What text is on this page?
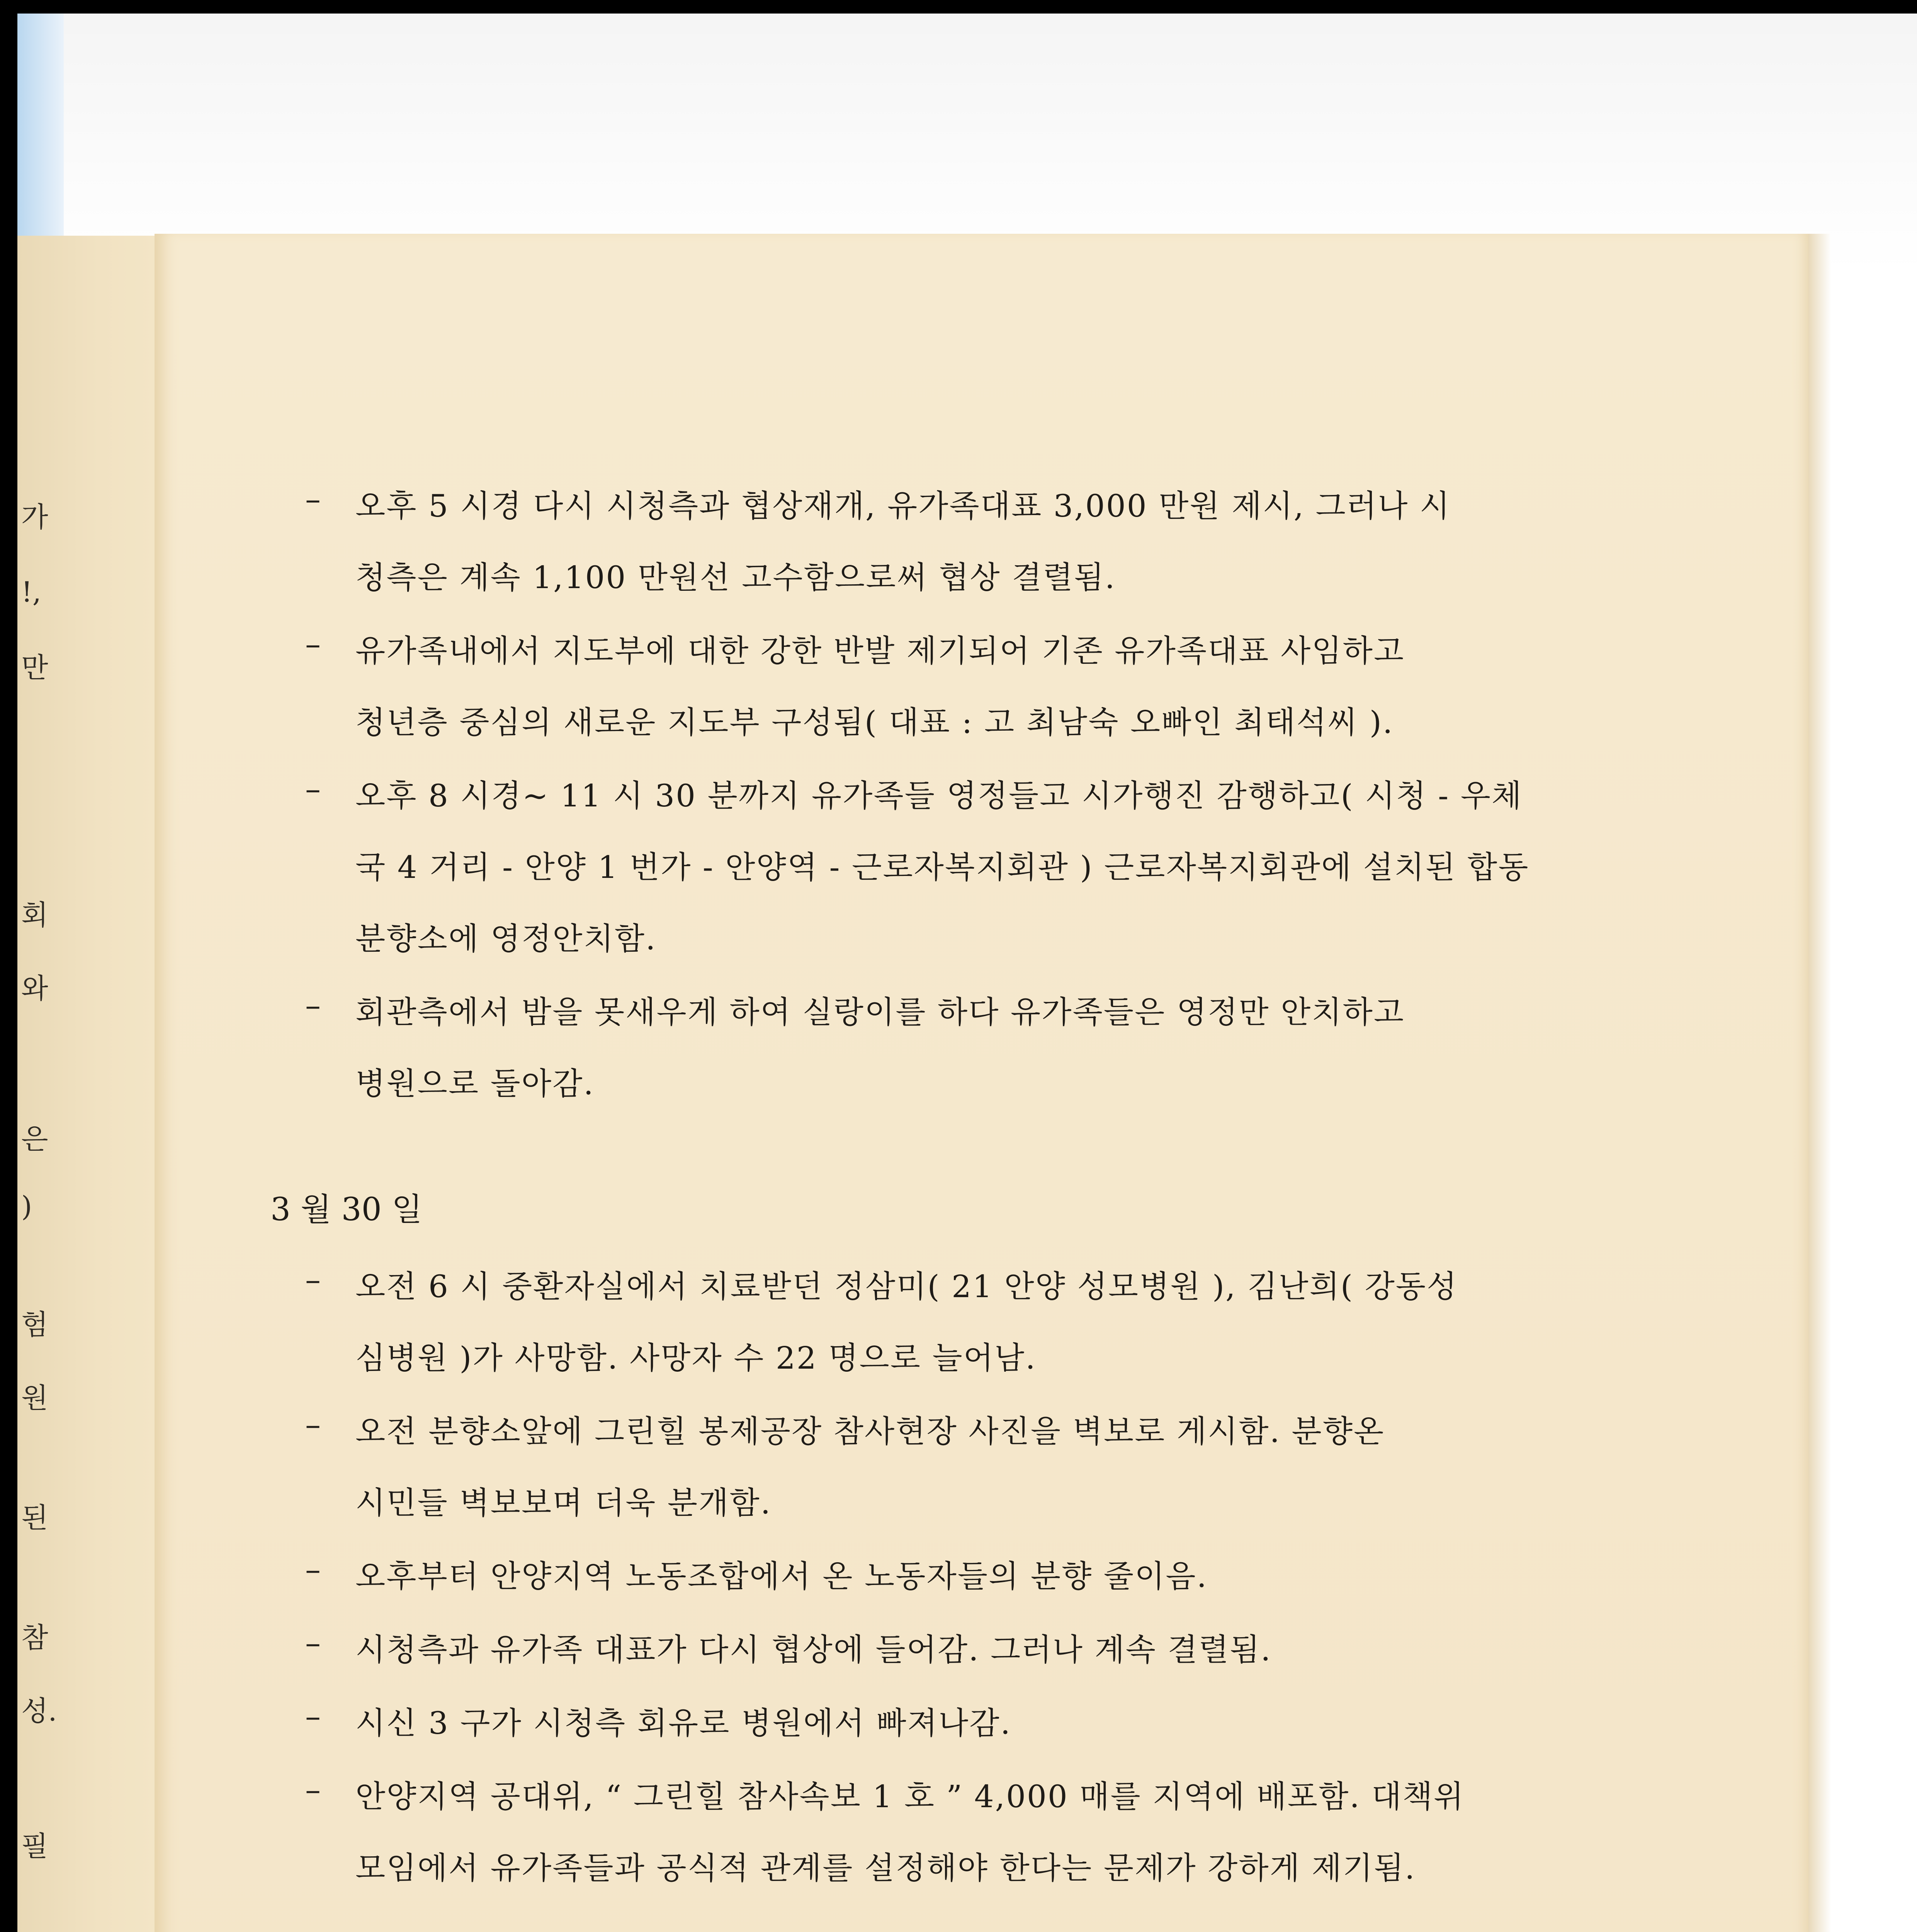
가
!,
만
회
와
은
)
험
원
된
참
성.
필
– 오후 5 시경 다시 시청측과 협상재개, 유가족대표 3,000 만원 제시, 그러나 시
청측은 계속 1,100 만원선 고수함으로써 협상 결렬됨.
– 유가족내에서 지도부에 대한 강한 반발 제기되어 기존 유가족대표 사임하고
청년층 중심의 새로운 지도부 구성됨( 대표 : 고 최남숙 오빠인 최태석씨 ).
– 오후 8 시경∼ 11 시 30 분까지 유가족들 영정들고 시가행진 감행하고( 시청 - 우체
국 4 거리 - 안양 1 번가 - 안양역 - 근로자복지회관 ) 근로자복지회관에 설치된 합동
분향소에 영정안치함.
– 회관측에서 밤을 못새우게 하여 실랑이를 하다 유가족들은 영정만 안치하고
병원으로 돌아감.
3 월 30 일
– 오전 6 시 중환자실에서 치료받던 정삼미( 21 안양 성모병원 ), 김난희( 강동성
심병원 )가 사망함. 사망자 수 22 명으로 늘어남.
– 오전 분향소앞에 그린힐 봉제공장 참사현장 사진을 벽보로 게시함. 분향온
시민들 벽보보며 더욱 분개함.
– 오후부터 안양지역 노동조합에서 온 노동자들의 분향 줄이음.
– 시청측과 유가족 대표가 다시 협상에 들어감. 그러나 계속 결렬됨.
– 시신 3 구가 시청측 회유로 병원에서 빠져나감.
– 안양지역 공대위, “ 그린힐 참사속보 1 호 ” 4,000 매를 지역에 배포함. 대책위
모임에서 유가족들과 공식적 관계를 설정해야 한다는 문제가 강하게 제기됨.
